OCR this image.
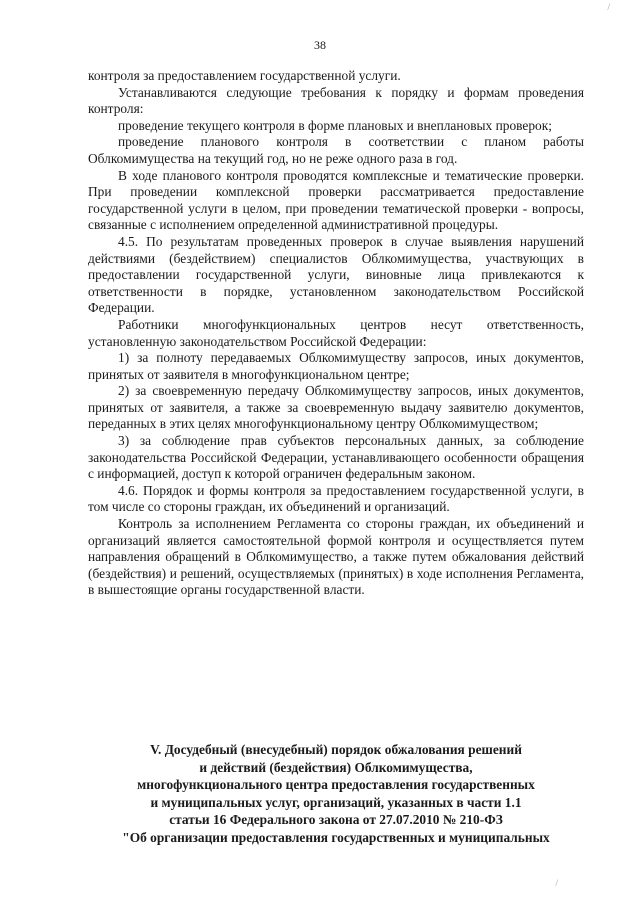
/
38

контроля за предоставлением государственной услуги.

Устанавливаются следующие требования к порядку и формам проведения контроля:

проведение текущего контроля в форме плановых и внеплановых проверок;

проведение планового контроля в соответствии с планом работы Облкомимущества на текущий год, но не реже одного раза в год.

В ходе планового контроля проводятся комплексные и тематические проверки. При проведении комплексной проверки рассматривается предоставление государственной услуги в целом, при проведении тематической проверки - вопросы, связанные с исполнением определенной административной процедуры.

4.5. По результатам проведенных проверок в случае выявления нарушений действиями (бездействием) специалистов Облкомимущества, участвующих в предоставлении государственной услуги, виновные лица привлекаются к ответственности в порядке, установленном законодательством Российской Федерации.

Работники многофункциональных центров несут ответственность, установленную законодательством Российской Федерации:

1) за полноту передаваемых Облкомимуществу запросов, иных документов, принятых от заявителя в многофункциональном центре;

2) за своевременную передачу Облкомимуществу запросов, иных документов, принятых от заявителя, а также за своевременную выдачу заявителю документов, переданных в этих целях многофункциональному центру Облкомимуществом;

3) за соблюдение прав субъектов персональных данных, за соблюдение законодательства Российской Федерации, устанавливающего особенности обращения с информацией, доступ к которой ограничен федеральным законом.

4.6. Порядок и формы контроля за предоставлением государственной услуги, в том числе со стороны граждан, их объединений и организаций.

Контроль за исполнением Регламента со стороны граждан, их объединений и организаций является самостоятельной формой контроля и осуществляется путем направления обращений в Облкомимущество, а также путем обжалования действий (бездействия) и решений, осуществляемых (принятых) в ходе исполнения Регламента, в вышестоящие органы государственной власти.

V. Досудебный (внесудебный) порядок обжалования решений
и действий (бездействия) Облкомимущества,
многофункционального центра предоставления государственных
и муниципальных услуг, организаций, указанных в части 1.1
статьи 16 Федерального закона от 27.07.2010 № 210-ФЗ
"Об организации предоставления государственных и муниципальных
/
